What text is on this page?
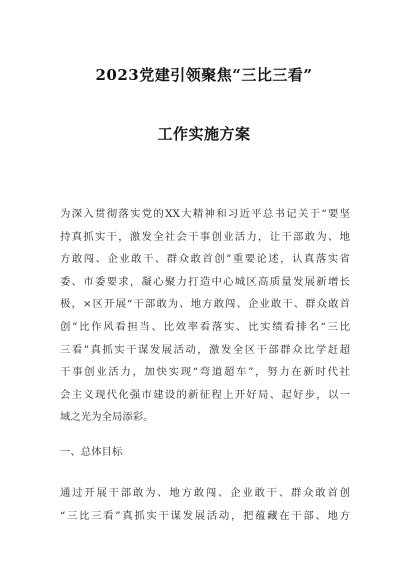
2023党建引领聚焦“三比三看”
工作实施方案
为深入贯彻落实党的XX大精神和习近平总书记关于“要坚
持真抓实干，激发全社会干事创业活力，让干部敢为、地
方敢闯、企业敢干、群众敢首创”重要论述，认真落实省
委、市委要求，凝心聚力打造中心城区高质量发展新增长
极，×区开展“干部敢为、地方敢闯、企业敢干、群众敢首
创”比作风看担当、比效率看落实、比实绩看排名“三比
三看”真抓实干谋发展活动，激发全区干部群众比学赶超
干事创业活力，加快实现“弯道超车”，努力在新时代社
会主义现代化强市建设的新征程上开好局、起好步，以一
域之光为全局添彩。
一、总体目标
通过开展干部敢为、地方敢闯、企业敢干、群众敢首创
“三比三看”真抓实干谋发展活动，把蕴藏在干部、地方
